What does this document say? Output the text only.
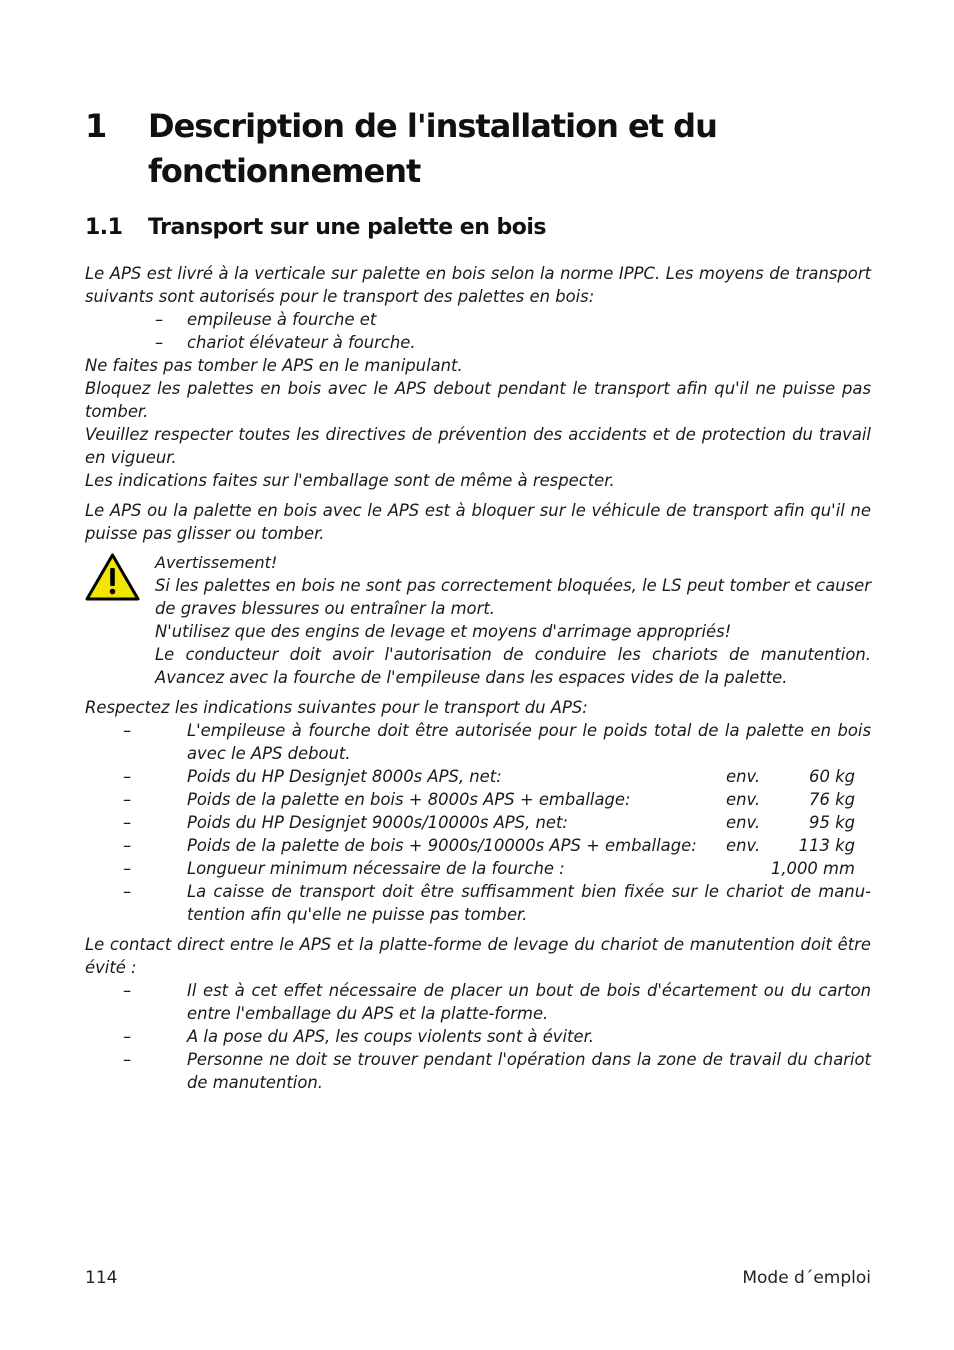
1 Description de l'installation et du fonctionnement
1.1 Transport sur une palette en bois

Le APS est livré à la verticale sur palette en bois selon la norme IPPC. Les moyens de transport suivants sont autorisés pour le transport des palettes en bois:

– empileuse à fourche et
– chariot élévateur à fourche.

Ne faites pas tomber le APS en le manipulant.

Bloquez les palettes en bois avec le APS debout pendant le transport afin qu'il ne puisse pas tomber.

Veuillez respecter toutes les directives de prévention des accidents et de protection du travail en vigueur.

Les indications faites sur l'emballage sont de même à respecter.

Le APS ou la palette en bois avec le APS est à bloquer sur le véhicule de transport afin qu'il ne puisse pas glisser ou tomber.

Avertissement!

Si les palettes en bois ne sont pas correctement bloquées, le LS peut tomber et causer de graves blessures ou entraîner la mort.

N'utilisez que des engins de levage et moyens d'arrimage appropriés!

Le conducteur doit avoir l'autorisation de conduire les chariots de manutention. Avancez avec la fourche de l'empileuse dans les espaces vides de la palette.

Respectez les indications suivantes pour le transport du APS:

–	L'empileuse à fourche doit être autorisée pour le poids total de la palette en bois avec le APS debout.
–	Poids du HP Designjet 8000s APS, net:	env.	60 kg
–	Poids de la palette en bois + 8000s APS + emballage:	env.	76 kg
–	Poids du HP Designjet 9000s/10000s APS, net:	env.	95 kg
–	Poids de la palette de bois + 9000s/10000s APS + emballage: env. 113 kg
–	Longueur minimum nécessaire de la fourche :	1,000 mm
–	La caisse de transport doit être suffisamment bien fixée sur le chariot de manu-tention afin qu'elle ne puisse pas tomber.

Le contact direct entre le APS et la platte-forme de levage du chariot de manutention doit être évité :

–	Il est à cet effet nécessaire de placer un bout de bois d'écartement ou du carton entre l'emballage du APS et la platte-forme.
–	A la pose du APS, les coups violents sont à éviter.
–	Personne ne doit se trouver pendant l'opération dans la zone de travail du chariot de manutention.
114	Mode d´emploi
